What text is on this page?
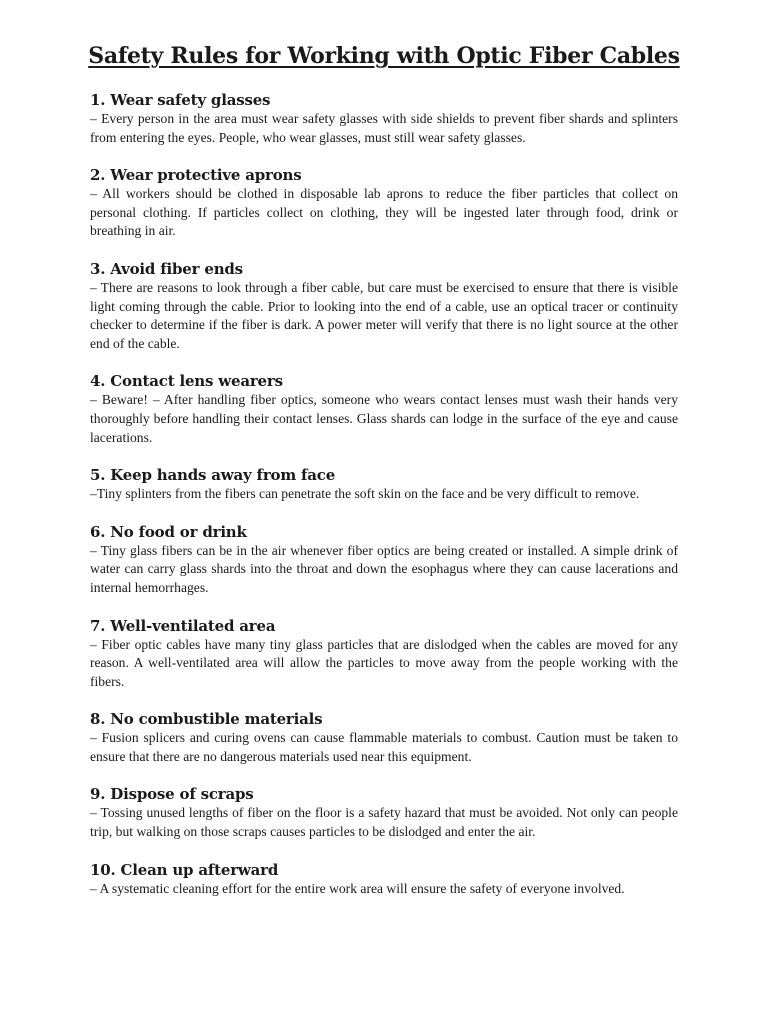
Safety Rules for Working with Optic Fiber Cables
1. Wear safety glasses
– Every person in the area must wear safety glasses with side shields to prevent fiber shards and splinters from entering the eyes. People, who wear glasses, must still wear safety glasses.
2. Wear protective aprons
– All workers should be clothed in disposable lab aprons to reduce the fiber particles that collect on personal clothing. If particles collect on clothing, they will be ingested later through food, drink or breathing in air.
3. Avoid fiber ends
– There are reasons to look through a fiber cable, but care must be exercised to ensure that there is visible light coming through the cable. Prior to looking into the end of a cable, use an optical tracer or continuity checker to determine if the fiber is dark. A power meter will verify that there is no light source at the other end of the cable.
4. Contact lens wearers
– Beware! – After handling fiber optics, someone who wears contact lenses must wash their hands very thoroughly before handling their contact lenses. Glass shards can lodge in the surface of the eye and cause lacerations.
5. Keep hands away from face
–Tiny splinters from the fibers can penetrate the soft skin on the face and be very difficult to remove.
6. No food or drink
– Tiny glass fibers can be in the air whenever fiber optics are being created or installed. A simple drink of water can carry glass shards into the throat and down the esophagus where they can cause lacerations and internal hemorrhages.
7. Well-ventilated area
– Fiber optic cables have many tiny glass particles that are dislodged when the cables are moved for any reason. A well-ventilated area will allow the particles to move away from the people working with the fibers.
8. No combustible materials
– Fusion splicers and curing ovens can cause flammable materials to combust. Caution must be taken to ensure that there are no dangerous materials used near this equipment.
9. Dispose of scraps
– Tossing unused lengths of fiber on the floor is a safety hazard that must be avoided. Not only can people trip, but walking on those scraps causes particles to be dislodged and enter the air.
10. Clean up afterward
– A systematic cleaning effort for the entire work area will ensure the safety of everyone involved.
